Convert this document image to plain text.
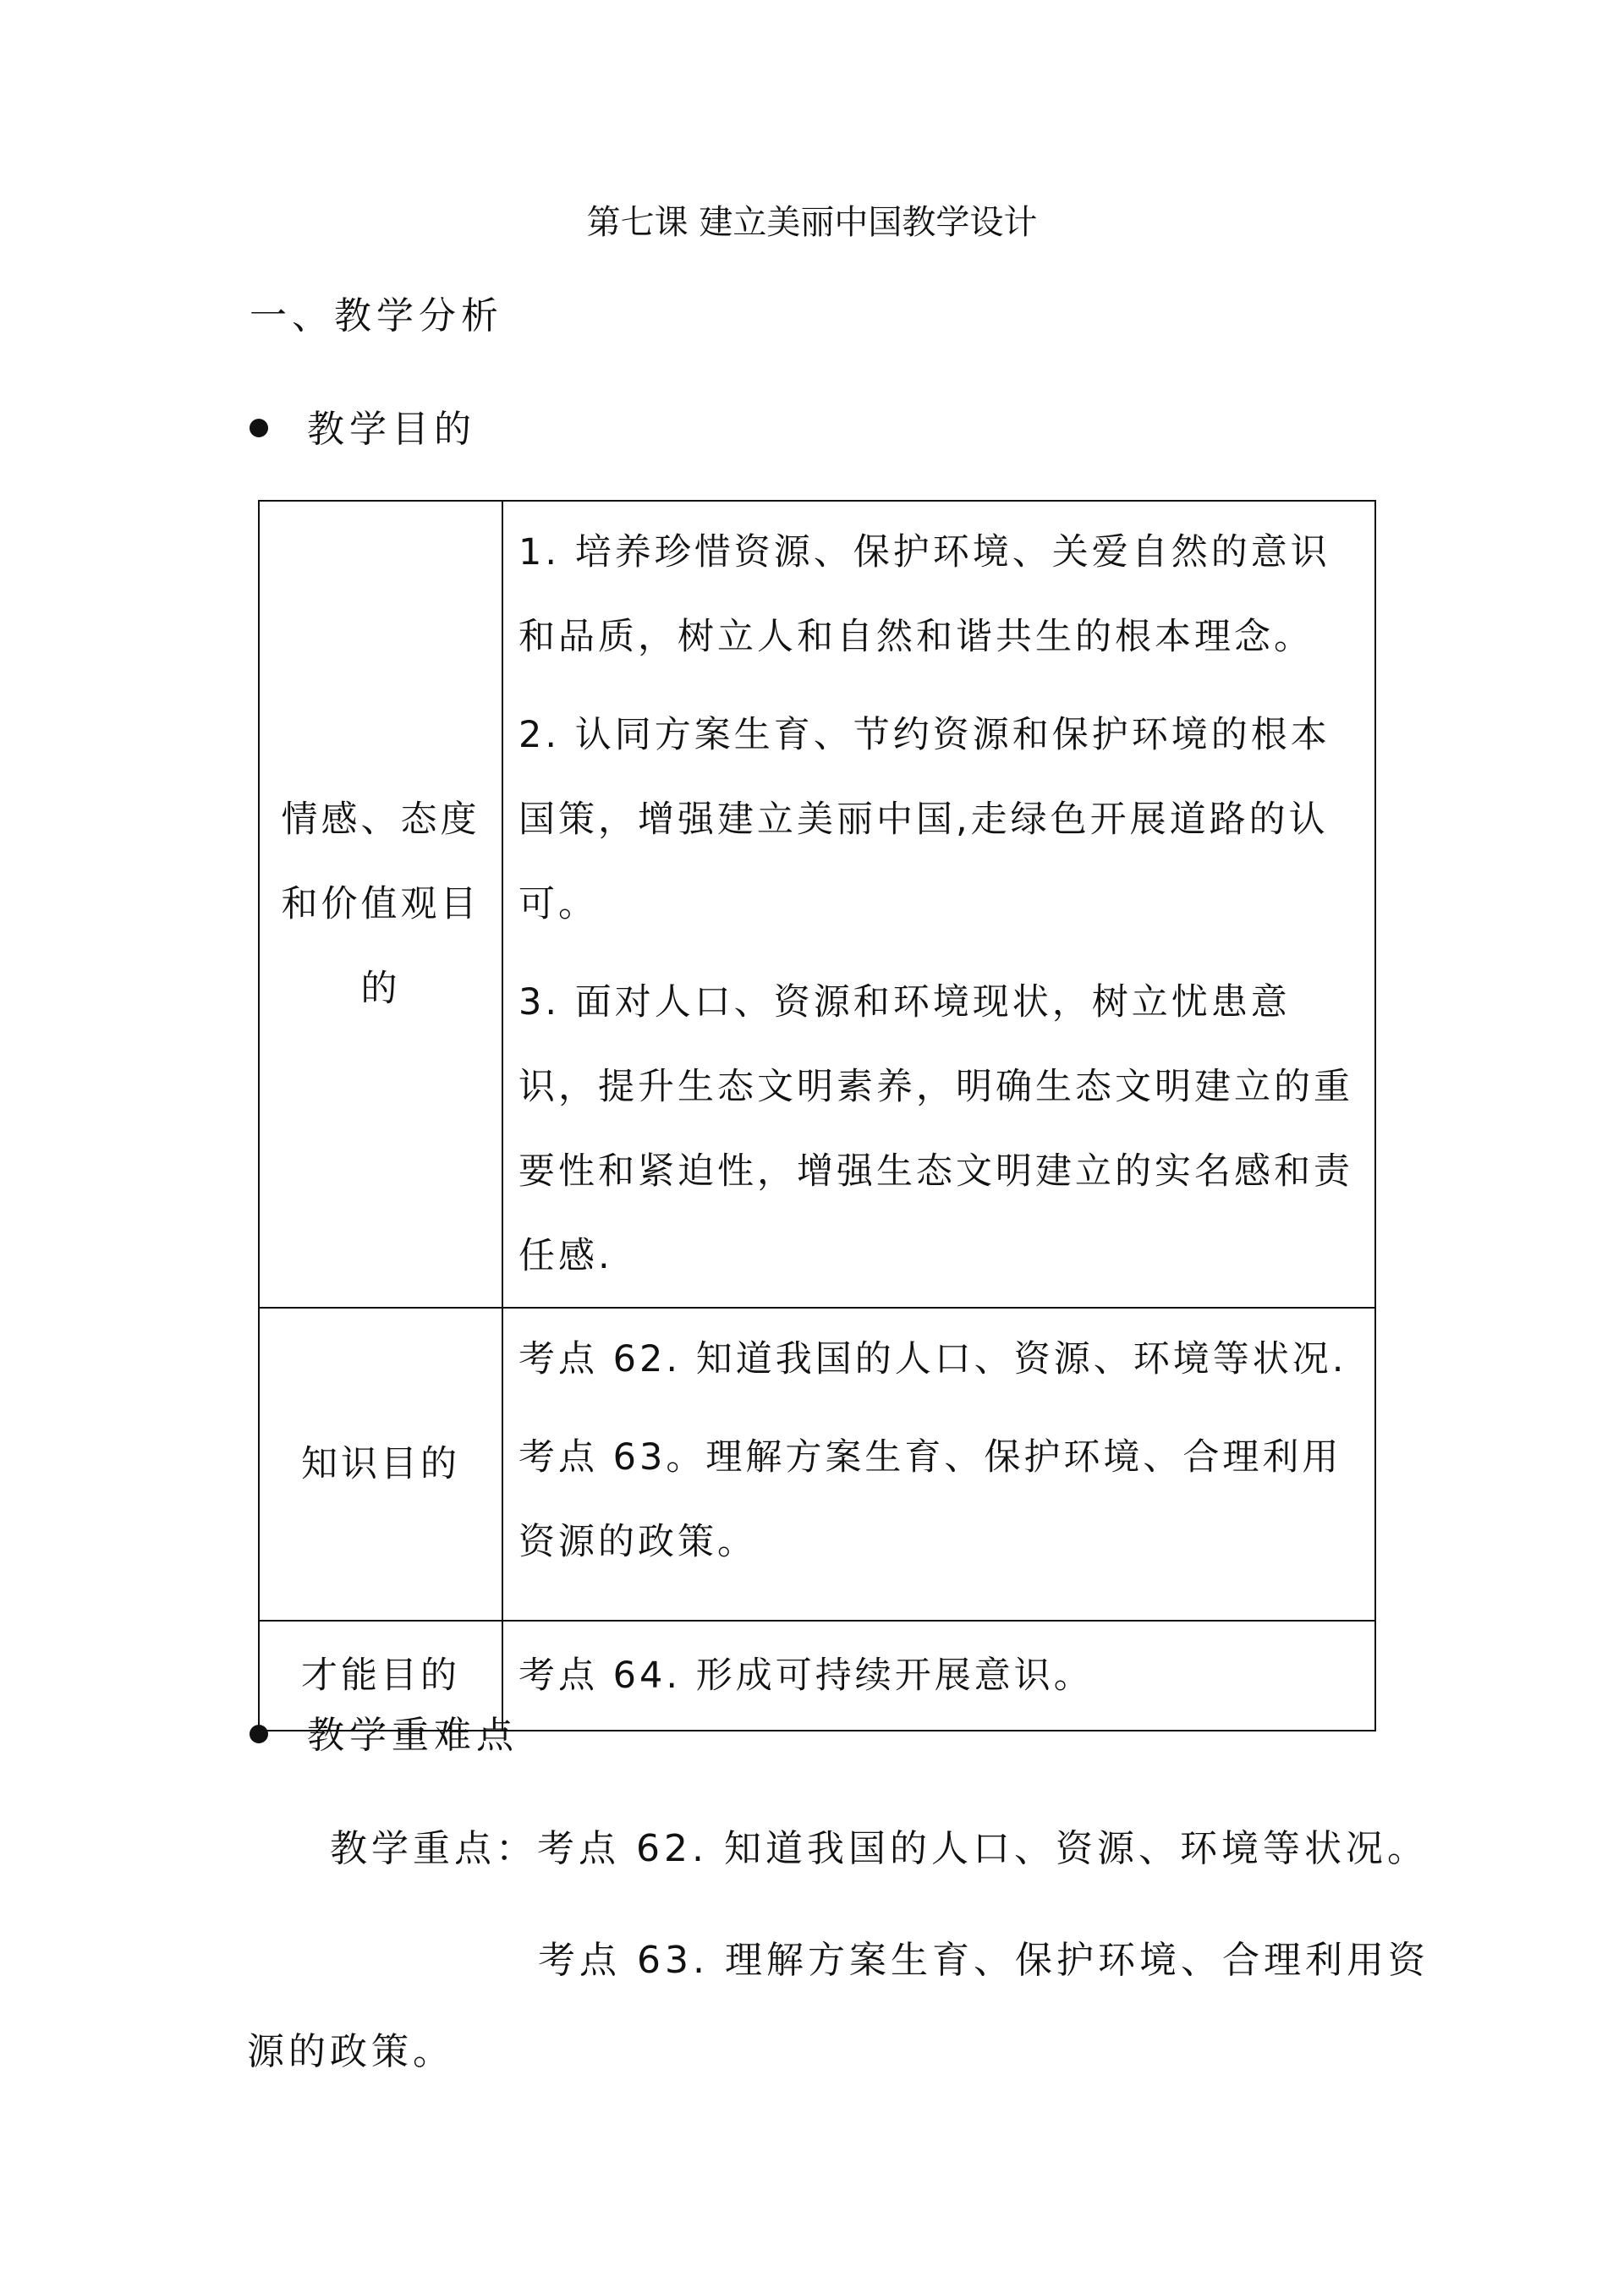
第七课 建立美丽中国教学设计
一、教学分析
教学目的
情感、态度和价值观目的	1. 培养珍惜资源、保护环境、关爱自然的意识和品质，树立人和自然和谐共生的根本理念。

2. 认同方案生育、节约资源和保护环境的根本国策，增强建立美丽中国,走绿色开展道路的认可。

3. 面对人口、资源和环境现状，树立忧患意识，提升生态文明素养，明确生态文明建立的重要性和紧迫性，增强生态文明建立的实名感和责任感.

知识目的	考点 62. 知道我国的人口、资源、环境等状况.

考点 63。理解方案生育、保护环境、合理利用资源的政策。

才能目的	考点 64. 形成可持续开展意识。

教学重难点
教学重点：考点 62. 知道我国的人口、资源、环境等状况。
考点 63. 理解方案生育、保护环境、合理利用资
源的政策。
